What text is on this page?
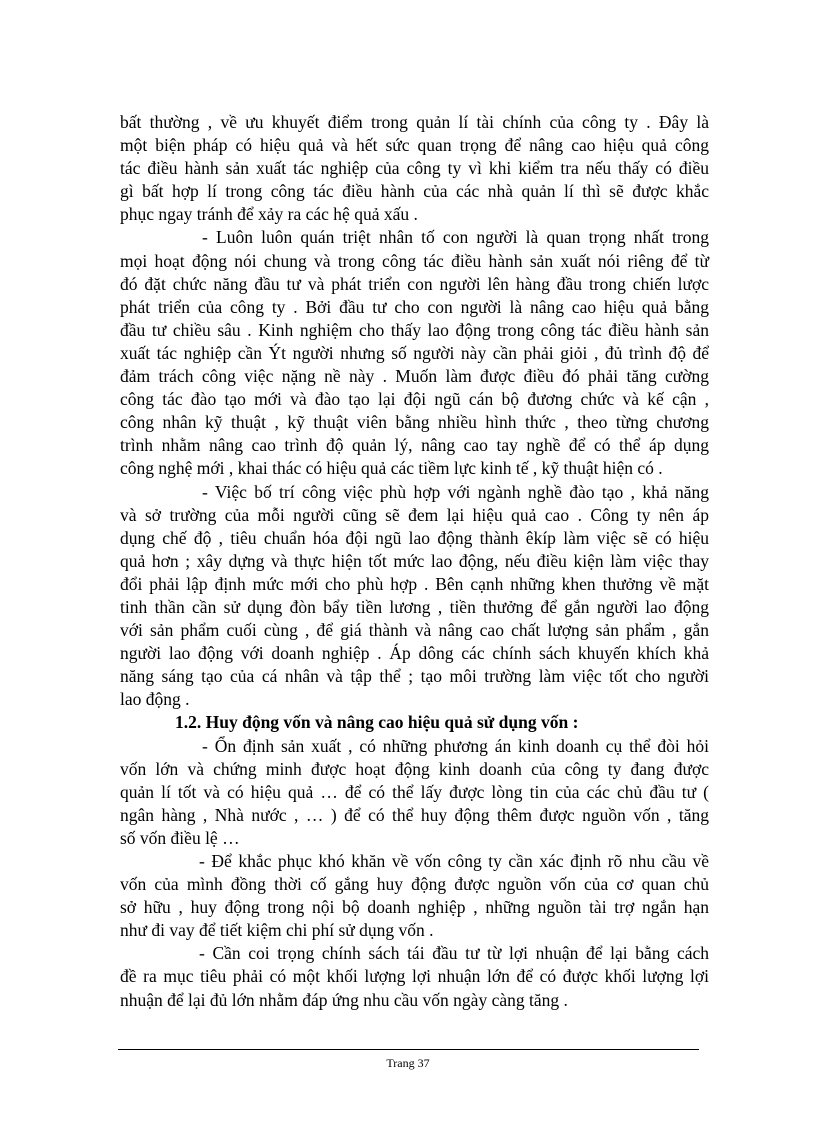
bất thường , về ưu khuyết điểm trong quản lí tài chính của công ty . Đây là
một biện pháp có hiệu quả và hết sức quan trọng để nâng cao hiệu quả công
tác điều hành sản xuất tác nghiệp của công ty vì khi kiểm tra nếu thấy có điều
gì bất hợp lí trong công tác điều hành của các nhà quản lí thì sẽ được khắc
phục ngay tránh để xảy ra các hệ quả xấu .
- Luôn luôn quán triệt nhân tố con người là quan trọng nhất trong
mọi hoạt động nói chung và trong công tác điều hành sản xuất nói riêng để từ
đó đặt chức năng đầu tư và phát triển con người lên hàng đầu trong chiến lược
phát triển của công ty . Bởi đầu tư cho con người là nâng cao hiệu quả bằng
đầu tư chiều sâu . Kinh nghiệm cho thấy lao động trong công tác điều hành sản
xuất tác nghiệp cần Ýt người nhưng số người này cần phải giỏi , đủ trình độ để
đảm trách công việc nặng nề này . Muốn làm được điều đó phải tăng cường
công tác đào tạo mới và đào tạo lại đội ngũ cán bộ đương chức và kế cận ,
công nhân kỹ thuật , kỹ thuật viên bằng nhiều hình thức , theo từng chương
trình nhằm nâng cao trình độ quản lý, nâng cao tay nghề để có thể áp dụng
công nghệ mới , khai thác có hiệu quả các tiềm lực kinh tế , kỹ thuật hiện có .
- Việc bố trí công việc phù hợp với ngành nghề đào tạo , khả năng
và sở trường của mỗi người cũng sẽ đem lại hiệu quả cao . Công ty nên áp
dụng chế độ , tiêu chuẩn hóa đội ngũ lao động thành êkíp làm việc sẽ có hiệu
quả hơn ; xây dựng và thực hiện tốt mức lao động, nếu điều kiện làm việc thay
đổi phải lập định mức mới cho phù hợp . Bên cạnh những khen thưởng về mặt
tinh thần cần sử dụng đòn bẩy tiền lương , tiền thưởng để gắn người lao động
với sản phẩm cuối cùng , để giá thành và nâng cao chất lượng sản phẩm , gắn
người lao động với doanh nghiệp . Áp dông các chính sách khuyến khích khả
năng sáng tạo của cá nhân và tập thể ; tạo môi trường làm việc tốt cho người
lao động .
1.2. Huy động vốn và nâng cao hiệu quả sử dụng vốn :
- Ổn định sản xuất , có những phương án kinh doanh cụ thể đòi hỏi
vốn lớn và chứng minh được hoạt động kinh doanh của công ty đang được
quản lí tốt và có hiệu quả … để có thể lấy được lòng tin của các chủ đầu tư (
ngân hàng , Nhà nước , … ) để có thể huy động thêm được nguồn vốn , tăng
số vốn điều lệ …
- Để khắc phục khó khăn về vốn công ty cần xác định rõ nhu cầu về
vốn của mình đồng thời cố gắng huy động được nguồn vốn của cơ quan chủ
sở hữu , huy động trong nội bộ doanh nghiệp , những nguồn tài trợ ngắn hạn
như đi vay để tiết kiệm chi phí sử dụng vốn .
- Cần coi trọng chính sách tái đầu tư từ lợi nhuận để lại bằng cách
đề ra mục tiêu phải có một khối lượng lợi nhuận lớn để có được khối lượng lợi
nhuận để lại đủ lớn nhằm đáp ứng nhu cầu vốn ngày càng tăng .
Trang 37
